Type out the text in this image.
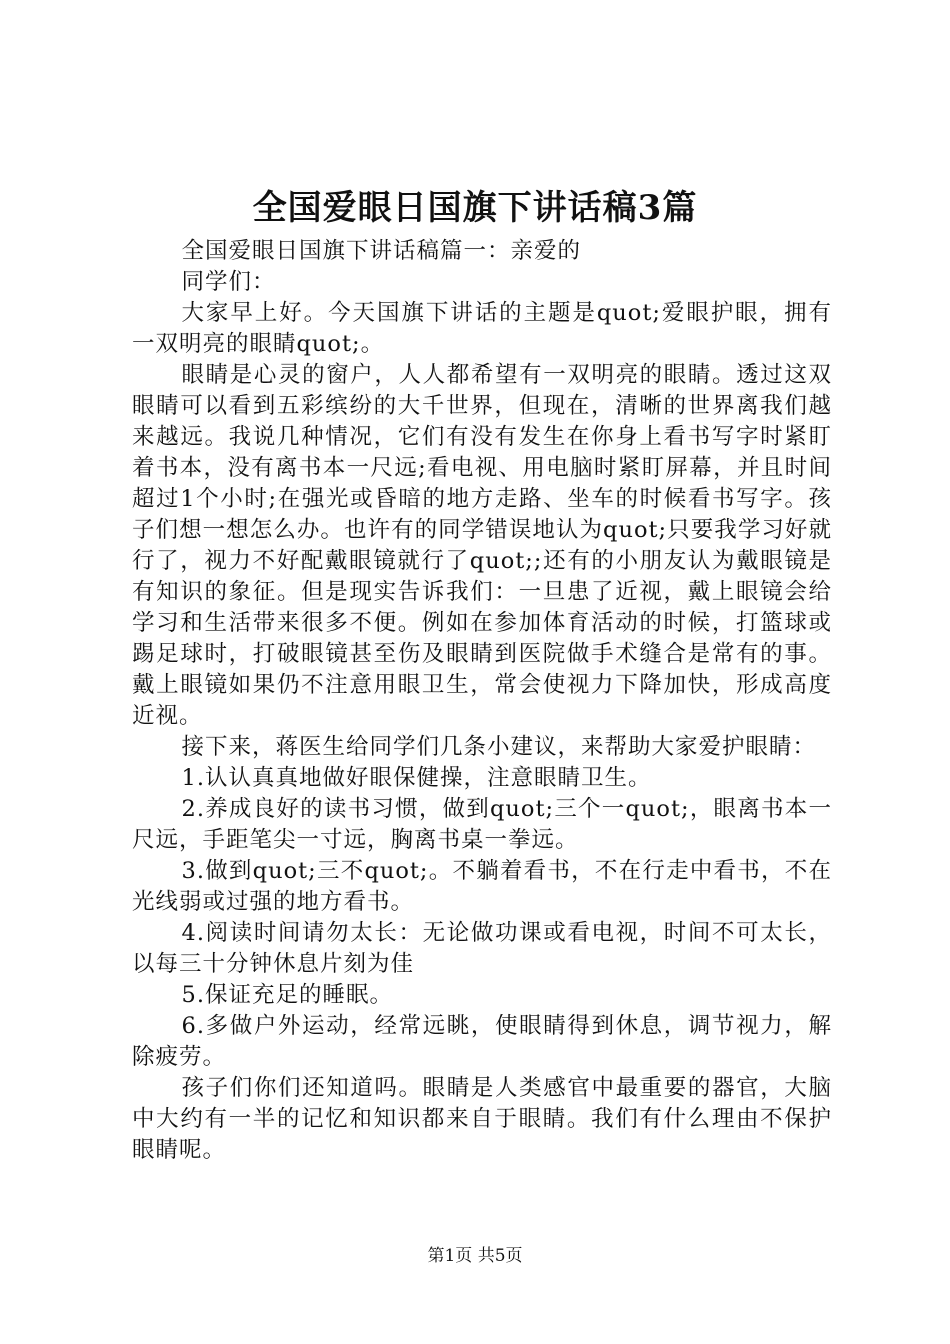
全国爱眼日国旗下讲话稿3篇

全国爱眼日国旗下讲话稿篇一：亲爱的

同学们：

大家早上好。今天国旗下讲话的主题是quot;爱眼护眼，拥有一双明亮的眼睛quot;。

眼睛是心灵的窗户，人人都希望有一双明亮的眼睛。透过这双眼睛可以看到五彩缤纷的大千世界，但现在，清晰的世界离我们越来越远。我说几种情况，它们有没有发生在你身上看书写字时紧盯着书本，没有离书本一尺远;看电视、用电脑时紧盯屏幕，并且时间超过1个小时;在强光或昏暗的地方走路、坐车的时候看书写字。孩子们想一想怎么办。也许有的同学错误地认为quot;只要我学习好就行了，视力不好配戴眼镜就行了quot;;还有的小朋友认为戴眼镜是有知识的象征。但是现实告诉我们：一旦患了近视，戴上眼镜会给学习和生活带来很多不便。例如在参加体育活动的时候，打篮球或踢足球时，打破眼镜甚至伤及眼睛到医院做手术缝合是常有的事。戴上眼镜如果仍不注意用眼卫生，常会使视力下降加快，形成高度近视。

接下来，蒋医生给同学们几条小建议，来帮助大家爱护眼睛：

1.认认真真地做好眼保健操，注意眼睛卫生。

2.养成良好的读书习惯，做到quot;三个一quot;，眼离书本一尺远，手距笔尖一寸远，胸离书桌一拳远。

3.做到quot;三不quot;。不躺着看书，不在行走中看书，不在光线弱或过强的地方看书。

4.阅读时间请勿太长：无论做功课或看电视，时间不可太长，以每三十分钟休息片刻为佳

5.保证充足的睡眠。

6.多做户外运动，经常远眺，使眼睛得到休息，调节视力，解除疲劳。

孩子们你们还知道吗。眼睛是人类感官中最重要的器官，大脑中大约有一半的记忆和知识都来自于眼睛。我们有什么理由不保护眼睛呢。

第1页 共5页
